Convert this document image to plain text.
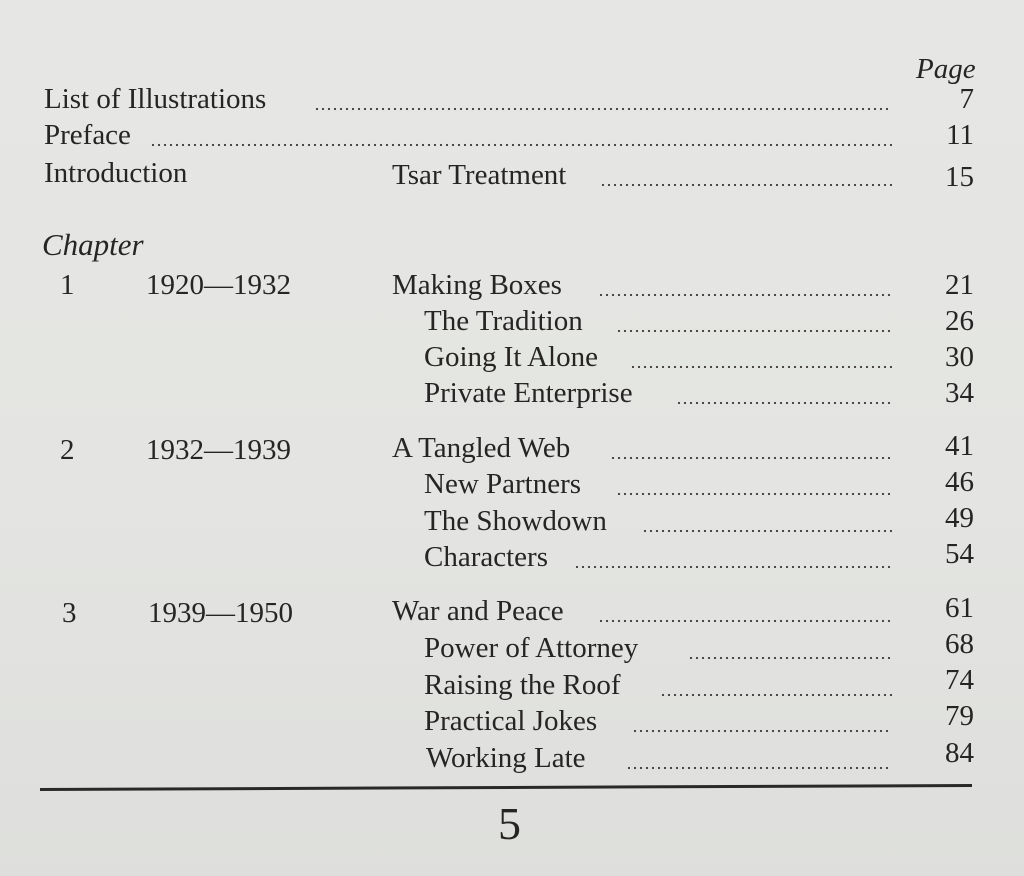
Page
List of Illustrations	7
Preface	11
Introduction	Tsar Treatment	15
Chapter
1 1920—1932	Making Boxes	21
The Tradition	26
Going It Alone	30
Private Enterprise	34
2 1932—1939	A Tangled Web	41
New Partners	46
The Showdown	49
Characters	54
3 1939—1950	War and Peace	61
Power of Attorney	68
Raising the Roof	74
Practical Jokes	79
Working Late	84
5
